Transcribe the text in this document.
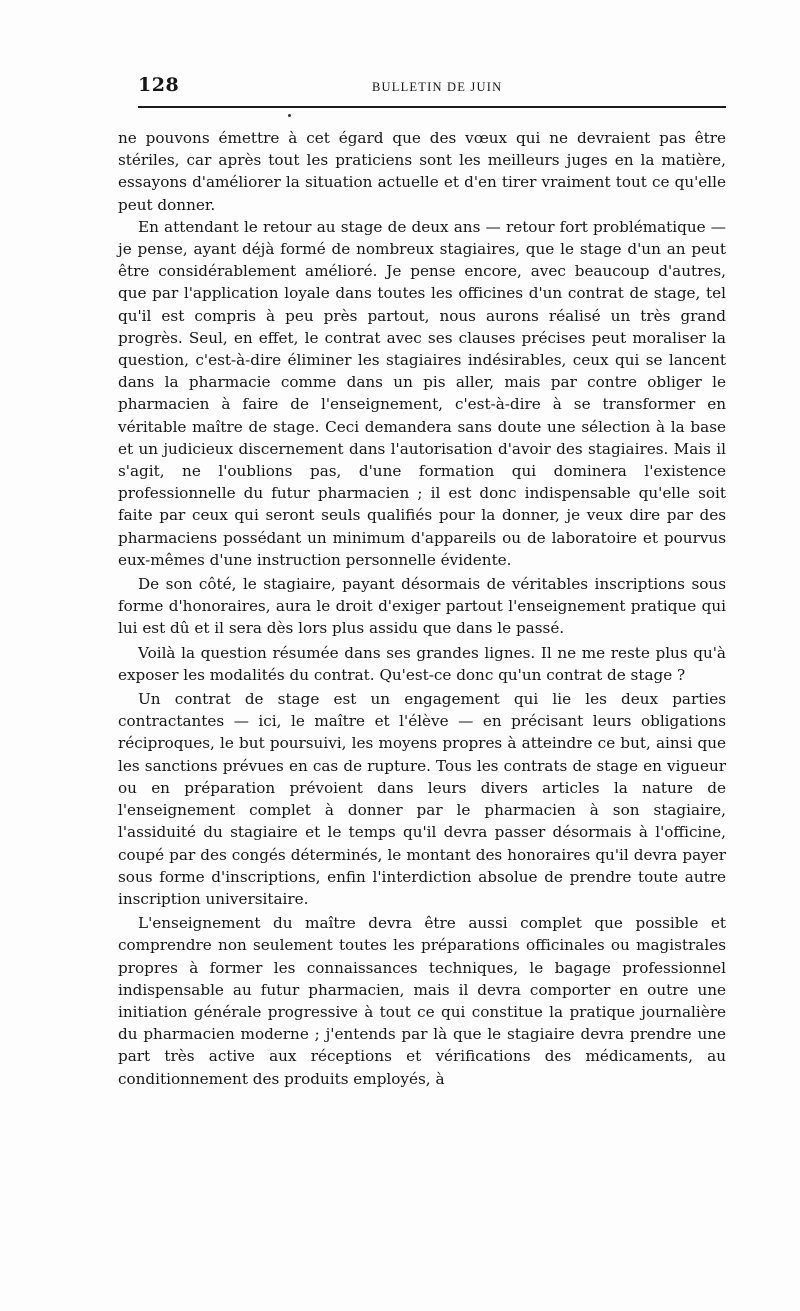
128	BULLETIN DE JUIN

ne pouvons émettre à cet égard que des vœux qui ne devraient pas être stériles, car après tout les praticiens sont les meilleurs juges en la matière, essayons d'améliorer la situation actuelle et d'en tirer vraiment tout ce qu'elle peut donner.

En attendant le retour au stage de deux ans — retour fort problématique — je pense, ayant déjà formé de nombreux stagiaires, que le stage d'un an peut être considérablement amélioré. Je pense encore, avec beaucoup d'autres, que par l'application loyale dans toutes les officines d'un contrat de stage, tel qu'il est compris à peu près partout, nous aurons réalisé un très grand progrès. Seul, en effet, le contrat avec ses clauses précises peut moraliser la question, c'est-à-dire éliminer les stagiaires indésirables, ceux qui se lancent dans la pharmacie comme dans un pis aller, mais par contre obliger le pharmacien à faire de l'enseignement, c'est-à-dire à se transformer en véritable maître de stage. Ceci demandera sans doute une sélection à la base et un judicieux discernement dans l'autorisation d'avoir des stagiaires. Mais il s'agit, ne l'oublions pas, d'une formation qui dominera l'existence professionnelle du futur pharmacien ; il est donc indispensable qu'elle soit faite par ceux qui seront seuls qualifiés pour la donner, je veux dire par des pharmaciens possédant un minimum d'appareils ou de laboratoire et pourvus eux-mêmes d'une instruction personnelle évidente.

De son côté, le stagiaire, payant désormais de véritables inscriptions sous forme d'honoraires, aura le droit d'exiger partout l'enseignement pratique qui lui est dû et il sera dès lors plus assidu que dans le passé.

Voilà la question résumée dans ses grandes lignes. Il ne me reste plus qu'à exposer les modalités du contrat. Qu'est-ce donc qu'un contrat de stage ?

Un contrat de stage est un engagement qui lie les deux parties contractantes — ici, le maître et l'élève — en précisant leurs obligations réciproques, le but poursuivi, les moyens propres à atteindre ce but, ainsi que les sanctions prévues en cas de rupture. Tous les contrats de stage en vigueur ou en préparation prévoient dans leurs divers articles la nature de l'enseignement complet à donner par le pharmacien à son stagiaire, l'assiduité du stagiaire et le temps qu'il devra passer désormais à l'officine, coupé par des congés déterminés, le montant des honoraires qu'il devra payer sous forme d'inscriptions, enfin l'interdiction absolue de prendre toute autre inscription universitaire.

L'enseignement du maître devra être aussi complet que possible et comprendre non seulement toutes les préparations officinales ou magistrales propres à former les connaissances techniques, le bagage professionnel indispensable au futur pharmacien, mais il devra comporter en outre une initiation générale progressive à tout ce qui constitue la pratique journalière du pharmacien moderne ; j'entends par là que le stagiaire devra prendre une part très active aux réceptions et vérifications des médicaments, au conditionnement des produits employés, à
